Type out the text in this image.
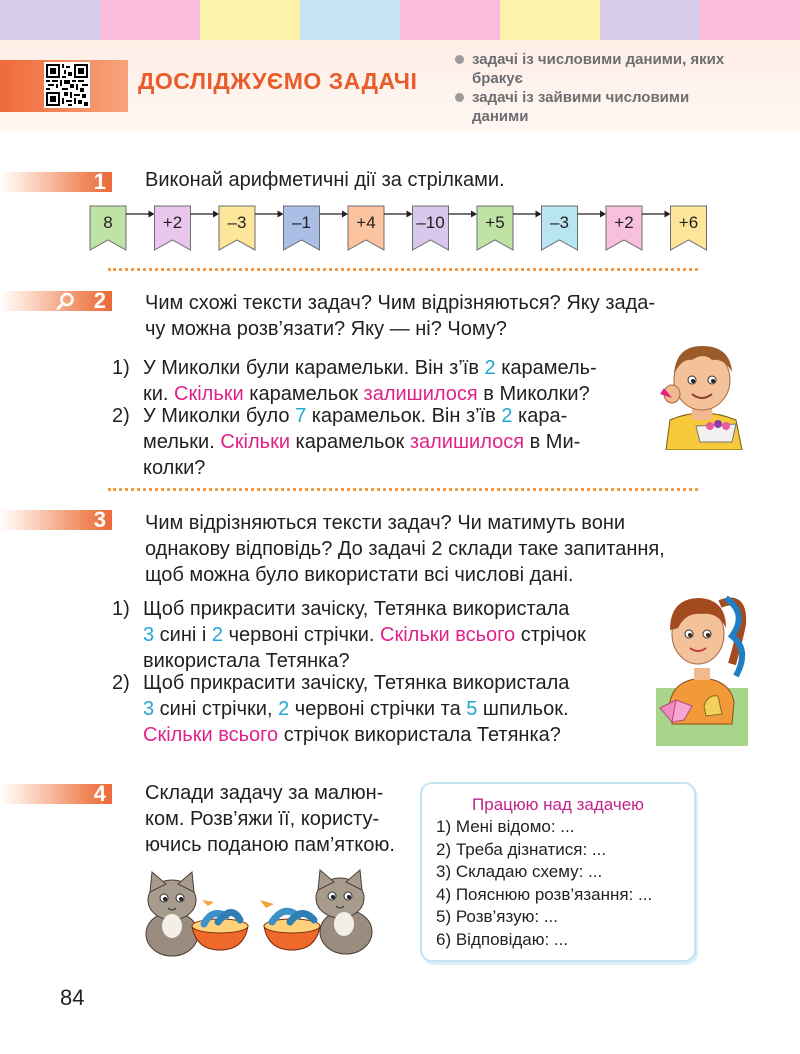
ДОСЛІДЖУЄМО ЗАДАЧІ
задачі із числовими даними, яких бракує
задачі із зайвими числовими даними
1 Виконай арифметичні дії за стрілками.
8	+2	–3	–1	+4	–10	+5	–3	+2	+6
2 Чим схожі тексти задач? Чим відрізняються? Яку зада-
чу можна розв’язати? Яку — ні? Чому?
1) У Миколки були карамельки. Він з’їв 2 карамель-
ки. Скільки карамельок залишилося в Миколки?
2) У Миколки було 7 карамельок. Він з’їв 2 кара-
мельки. Скільки карамельок залишилося в Ми-
колки?
3 Чим відрізняються тексти задач? Чи матимуть вони
однакову відповідь? До задачі 2 склади таке запитання,
щоб можна було використати всі числові дані.
1) Щоб прикрасити зачіску, Тетянка використала
3 сині і 2 червоні стрічки. Скільки всього стрічок
використала Тетянка?
2) Щоб прикрасити зачіску, Тетянка використала
3 сині стрічки, 2 червоні стрічки та 5 шпильок.
Скільки всього стрічок використала Тетянка?
4 Склади задачу за малюн-
ком. Розв’яжи її, користу-
ючись поданою пам’яткою.
Працюю над задачею
1) Мені відомо: ...
2) Треба дізнатися: ...
3) Складаю схему: ...
4) Пояснюю розв’язання: ...
5) Розв’язую: ...
6) Відповідаю: ...
84
